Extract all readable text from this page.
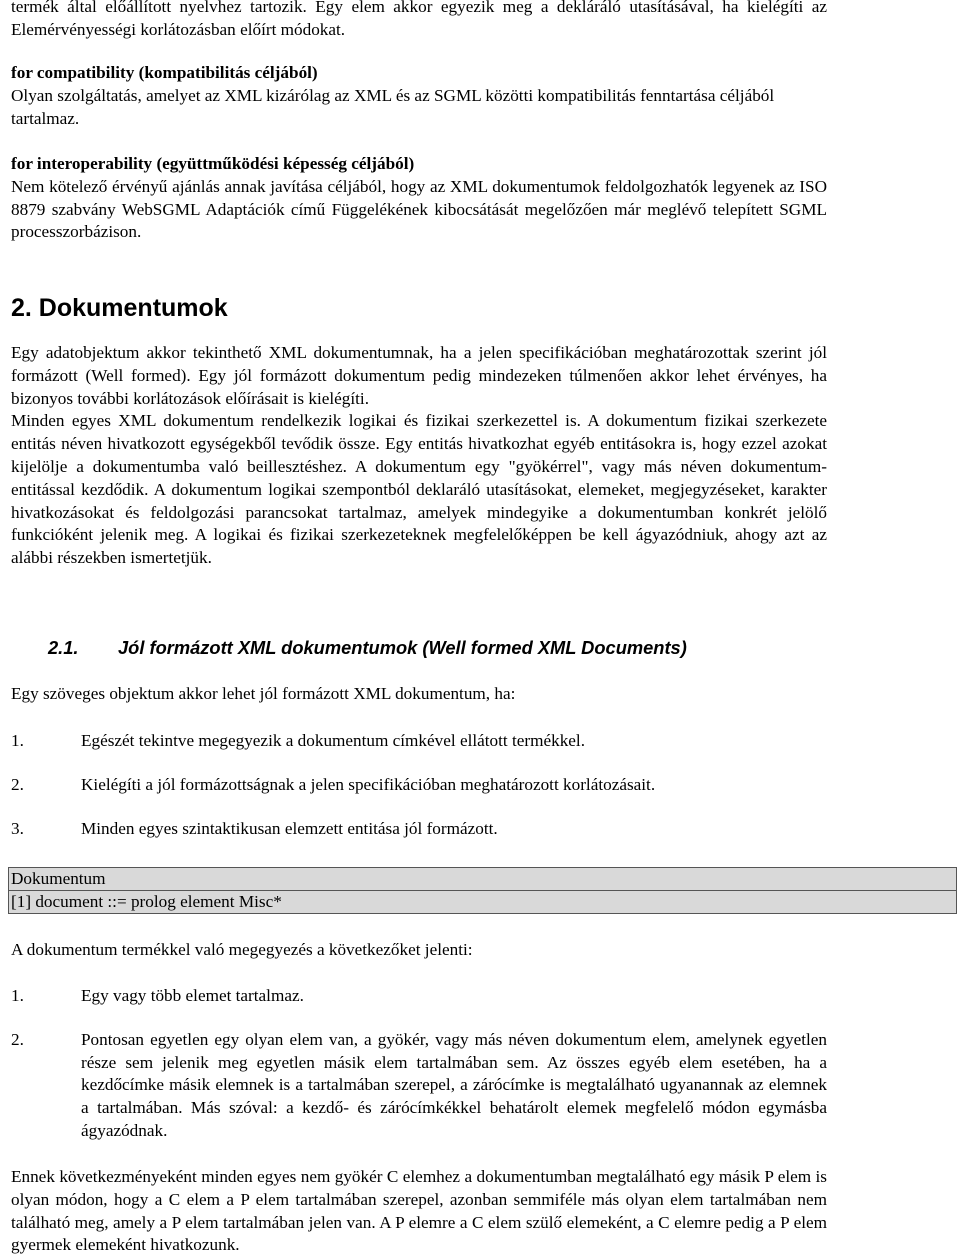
termék által előállított nyelvhez tartozik. Egy elem akkor egyezik meg a dekláráló utasításával, ha kielégíti az Elemérvényességi korlátozásban előírt módokat.

for compatibility (kompatibilitás céljából)

Olyan szolgáltatás, amelyet az XML kizárólag az XML és az SGML közötti kompatibilitás fenntartása céljából tartalmaz.

for interoperability (együttműködési képesség céljából)

Nem kötelező érvényű ajánlás annak javítása céljából, hogy az XML dokumentumok feldolgozhatók legyenek az ISO 8879 szabvány WebSGML Adaptációk című Függelékének kibocsátását megelőzően már meglévő telepített SGML processzorbázison.

2. Dokumentumok

Egy adatobjektum akkor tekinthető XML dokumentumnak, ha a jelen specifikációban meghatározottak szerint jól formázott (Well formed). Egy jól formázott dokumentum pedig mindezeken túlmenően akkor lehet érvényes, ha bizonyos további korlátozások előírásait is kielégíti.

Minden egyes XML dokumentum rendelkezik logikai és fizikai szerkezettel is. A dokumentum fizikai szerkezete entitás néven hivatkozott egységekből tevődik össze. Egy entitás hivatkozhat egyéb entitásokra is, hogy ezzel azokat kijelölje a dokumentumba való beillesztéshez. A dokumentum egy "gyökérrel", vagy más néven dokumentum-entitással kezdődik. A dokumentum logikai szempontból deklaráló utasításokat, elemeket, megjegyzéseket, karakter hivatkozásokat és feldolgozási parancsokat tartalmaz, amelyek mindegyike a dokumentumban konkrét jelölő funkcióként jelenik meg. A logikai és fizikai szerkezeteknek megfelelőképpen be kell ágyazódniuk, ahogy azt az alábbi részekben ismertetjük.

2.1. Jól formázott XML dokumentumok (Well formed XML Documents)

Egy szöveges objektum akkor lehet jól formázott XML dokumentum, ha:

1.	Egészét tekintve megegyezik a dokumentum címkével ellátott termékkel.
2.	Kielégíti a jól formázottságnak a jelen specifikációban meghatározott korlátozásait.
3.	Minden egyes szintaktikusan elemzett entitása jól formázott.
Dokumentum
[1] document ::= prolog element Misc*

A dokumentum termékkel való megegyezés a következőket jelenti:

1.	Egy vagy több elemet tartalmaz.
2.	Pontosan egyetlen egy olyan elem van, a gyökér, vagy más néven dokumentum elem, amelynek egyetlen része sem jelenik meg egyetlen másik elem tartalmában sem. Az összes egyéb elem esetében, ha a kezdőcímke másik elemnek is a tartalmában szerepel, a zárócímke is megtalálható ugyanannak az elemnek a tartalmában. Más szóval: a kezdő- és zárócímkékkel behatárolt elemek megfelelő módon egymásba ágyazódnak.

Ennek következményeként minden egyes nem gyökér C elemhez a dokumentumban megtalálható egy másik P elem is olyan módon, hogy a C elem a P elem tartalmában szerepel, azonban semmiféle más olyan elem tartalmában nem található meg, amely a P elem tartalmában jelen van. A P elemre a C elem szülő elemeként, a C elemre pedig a P elem gyermek elemeként hivatkozunk.
